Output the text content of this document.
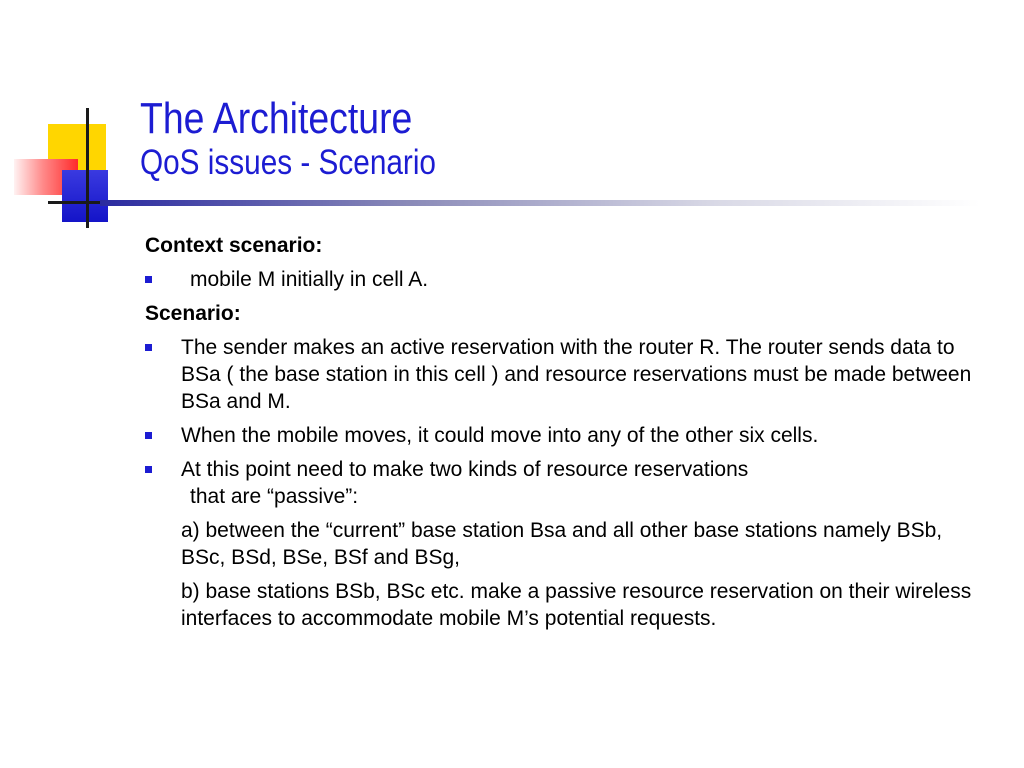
The Architecture
QoS issues - Scenario
Context scenario:
mobile M initially in cell A.
Scenario:
The sender makes an active reservation with the router R. The router sends data to BSa ( the base station in this cell ) and resource reservations must be made between BSa and M.
When the mobile moves, it could move into any of the other six cells.
At this point need to make two kinds of resource reservations
that are “passive”:
a) between the “current” base station Bsa and all other base stations namely BSb, BSc, BSd, BSe, BSf and BSg,
b) base stations BSb, BSc etc. make a passive resource reservation on their wireless interfaces to accommodate mobile M’s potential requests.
